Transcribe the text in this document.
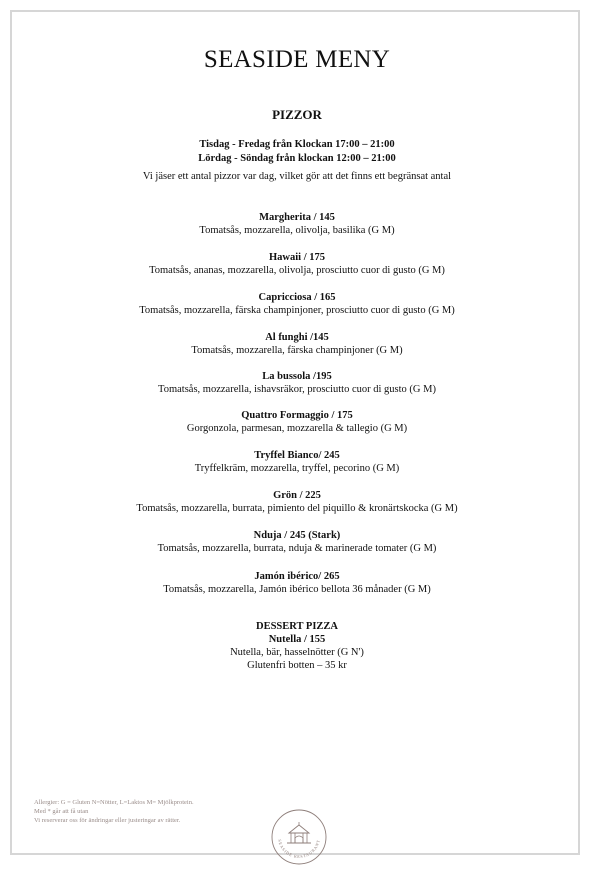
SEASIDE MENY
PIZZOR
Tisdag - Fredag från Klockan 17:00 – 21:00
Lördag - Söndag från klockan 12:00 – 21:00
Vi jäser ett antal pizzor var dag, vilket gör att det finns ett begränsat antal
Margherita / 145
Tomatsås, mozzarella, olivolja, basilika (G M)
Hawaii / 175
Tomatsås, ananas, mozzarella, olivolja, prosciutto cuor di gusto (G M)
Capricciosa / 165
Tomatsås, mozzarella, färska champinjoner, prosciutto cuor di gusto (G M)
Al funghi /145
Tomatsås, mozzarella, färska champinjoner (G M)
La bussola /195
Tomatsås, mozzarella, ishavsräkor, prosciutto cuor di gusto (G M)
Quattro Formaggio / 175
Gorgonzola, parmesan, mozzarella & tallegio (G M)
Tryffel Bianco/ 245
Tryffelkräm, mozzarella, tryffel, pecorino (G M)
Grön / 225
Tomatsås, mozzarella, burrata, pimiento del piquillo & kronärtskocka (G M)
Nduja / 245 (Stark)
Tomatsås, mozzarella, burrata, nduja & marinerade tomater (G M)
Jamón ibérico/ 265
Tomatsås, mozzarella, Jamón ibérico bellota 36 månader (G M)
DESSERT PIZZA
Nutella / 155
Nutella, bär, hasselnötter (G N')
Glutenfri botten – 35 kr
Allergier: G = Gluten N=Nötter, L=Laktos M= Mjölkprotein.
Med * går att få utan
Vi reserverar oss för ändringar eller justeringar av rätter.
SEASIDE RESTAURANT
